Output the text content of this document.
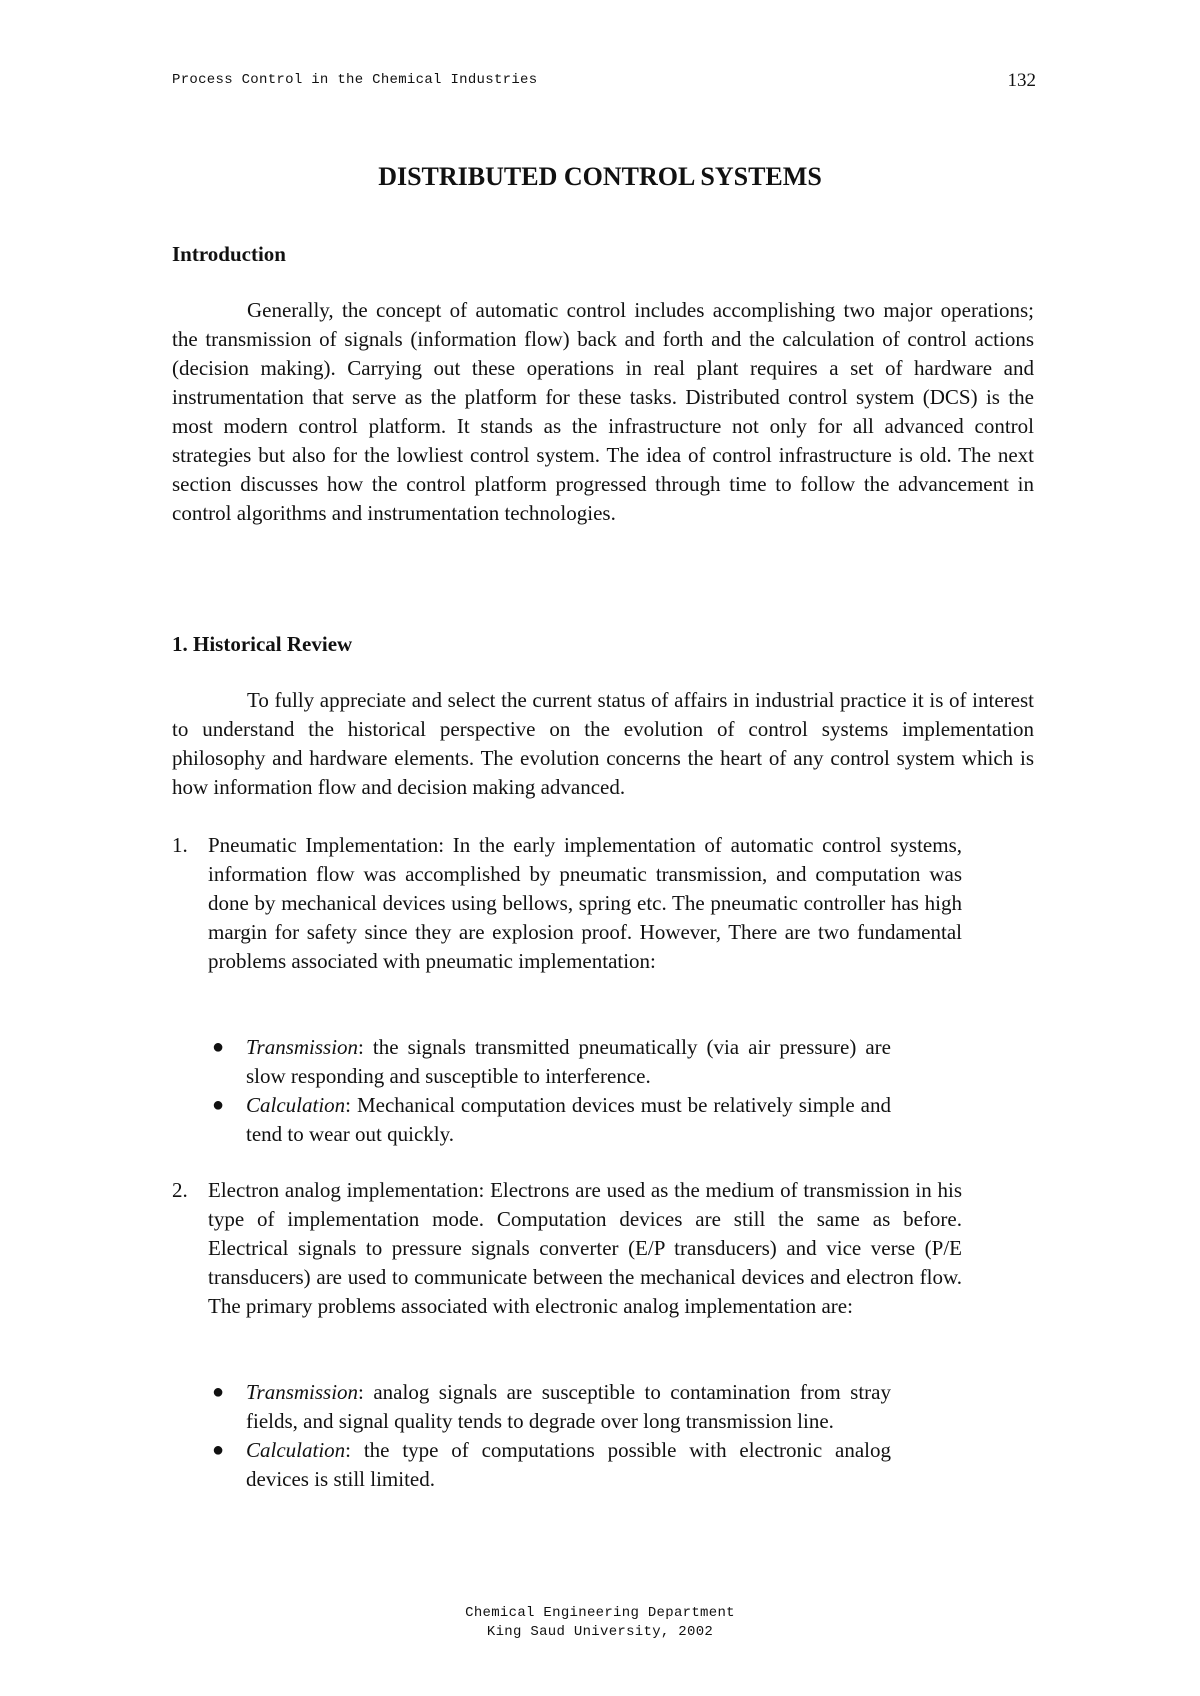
Process Control in the Chemical Industries	132
DISTRIBUTED CONTROL SYSTEMS
Introduction

Generally, the concept of automatic control includes accomplishing two major operations; the transmission of signals (information flow) back and forth and the calculation of control actions (decision making). Carrying out these operations in real plant requires a set of hardware and instrumentation that serve as the platform for these tasks. Distributed control system (DCS) is the most modern control platform. It stands as the infrastructure not only for all advanced control strategies but also for the lowliest control system. The idea of control infrastructure is old. The next section discusses how the control platform progressed through time to follow the advancement in control algorithms and instrumentation technologies.

1. Historical Review

To fully appreciate and select the current status of affairs in industrial practice it is of interest to understand the historical perspective on the evolution of control systems implementation philosophy and hardware elements. The evolution concerns the heart of any control system which is how information flow and decision making advanced.

1. Pneumatic Implementation: In the early implementation of automatic control systems, information flow was accomplished by pneumatic transmission, and computation was done by mechanical devices using bellows, spring etc. The pneumatic controller has high margin for safety since they are explosion proof. However, There are two fundamental problems associated with pneumatic implementation:
● Transmission: the signals transmitted pneumatically (via air pressure) are slow responding and susceptible to interference.
● Calculation: Mechanical computation devices must be relatively simple and tend to wear out quickly.
2. Electron analog implementation: Electrons are used as the medium of transmission in his type of implementation mode. Computation devices are still the same as before. Electrical signals to pressure signals converter (E/P transducers) and vice verse (P/E transducers) are used to communicate between the mechanical devices and electron flow. The primary problems associated with electronic analog implementation are:
● Transmission: analog signals are susceptible to contamination from stray fields, and signal quality tends to degrade over long transmission line.
● Calculation: the type of computations possible with electronic analog devices is still limited.
Chemical Engineering Department
King Saud University, 2002
